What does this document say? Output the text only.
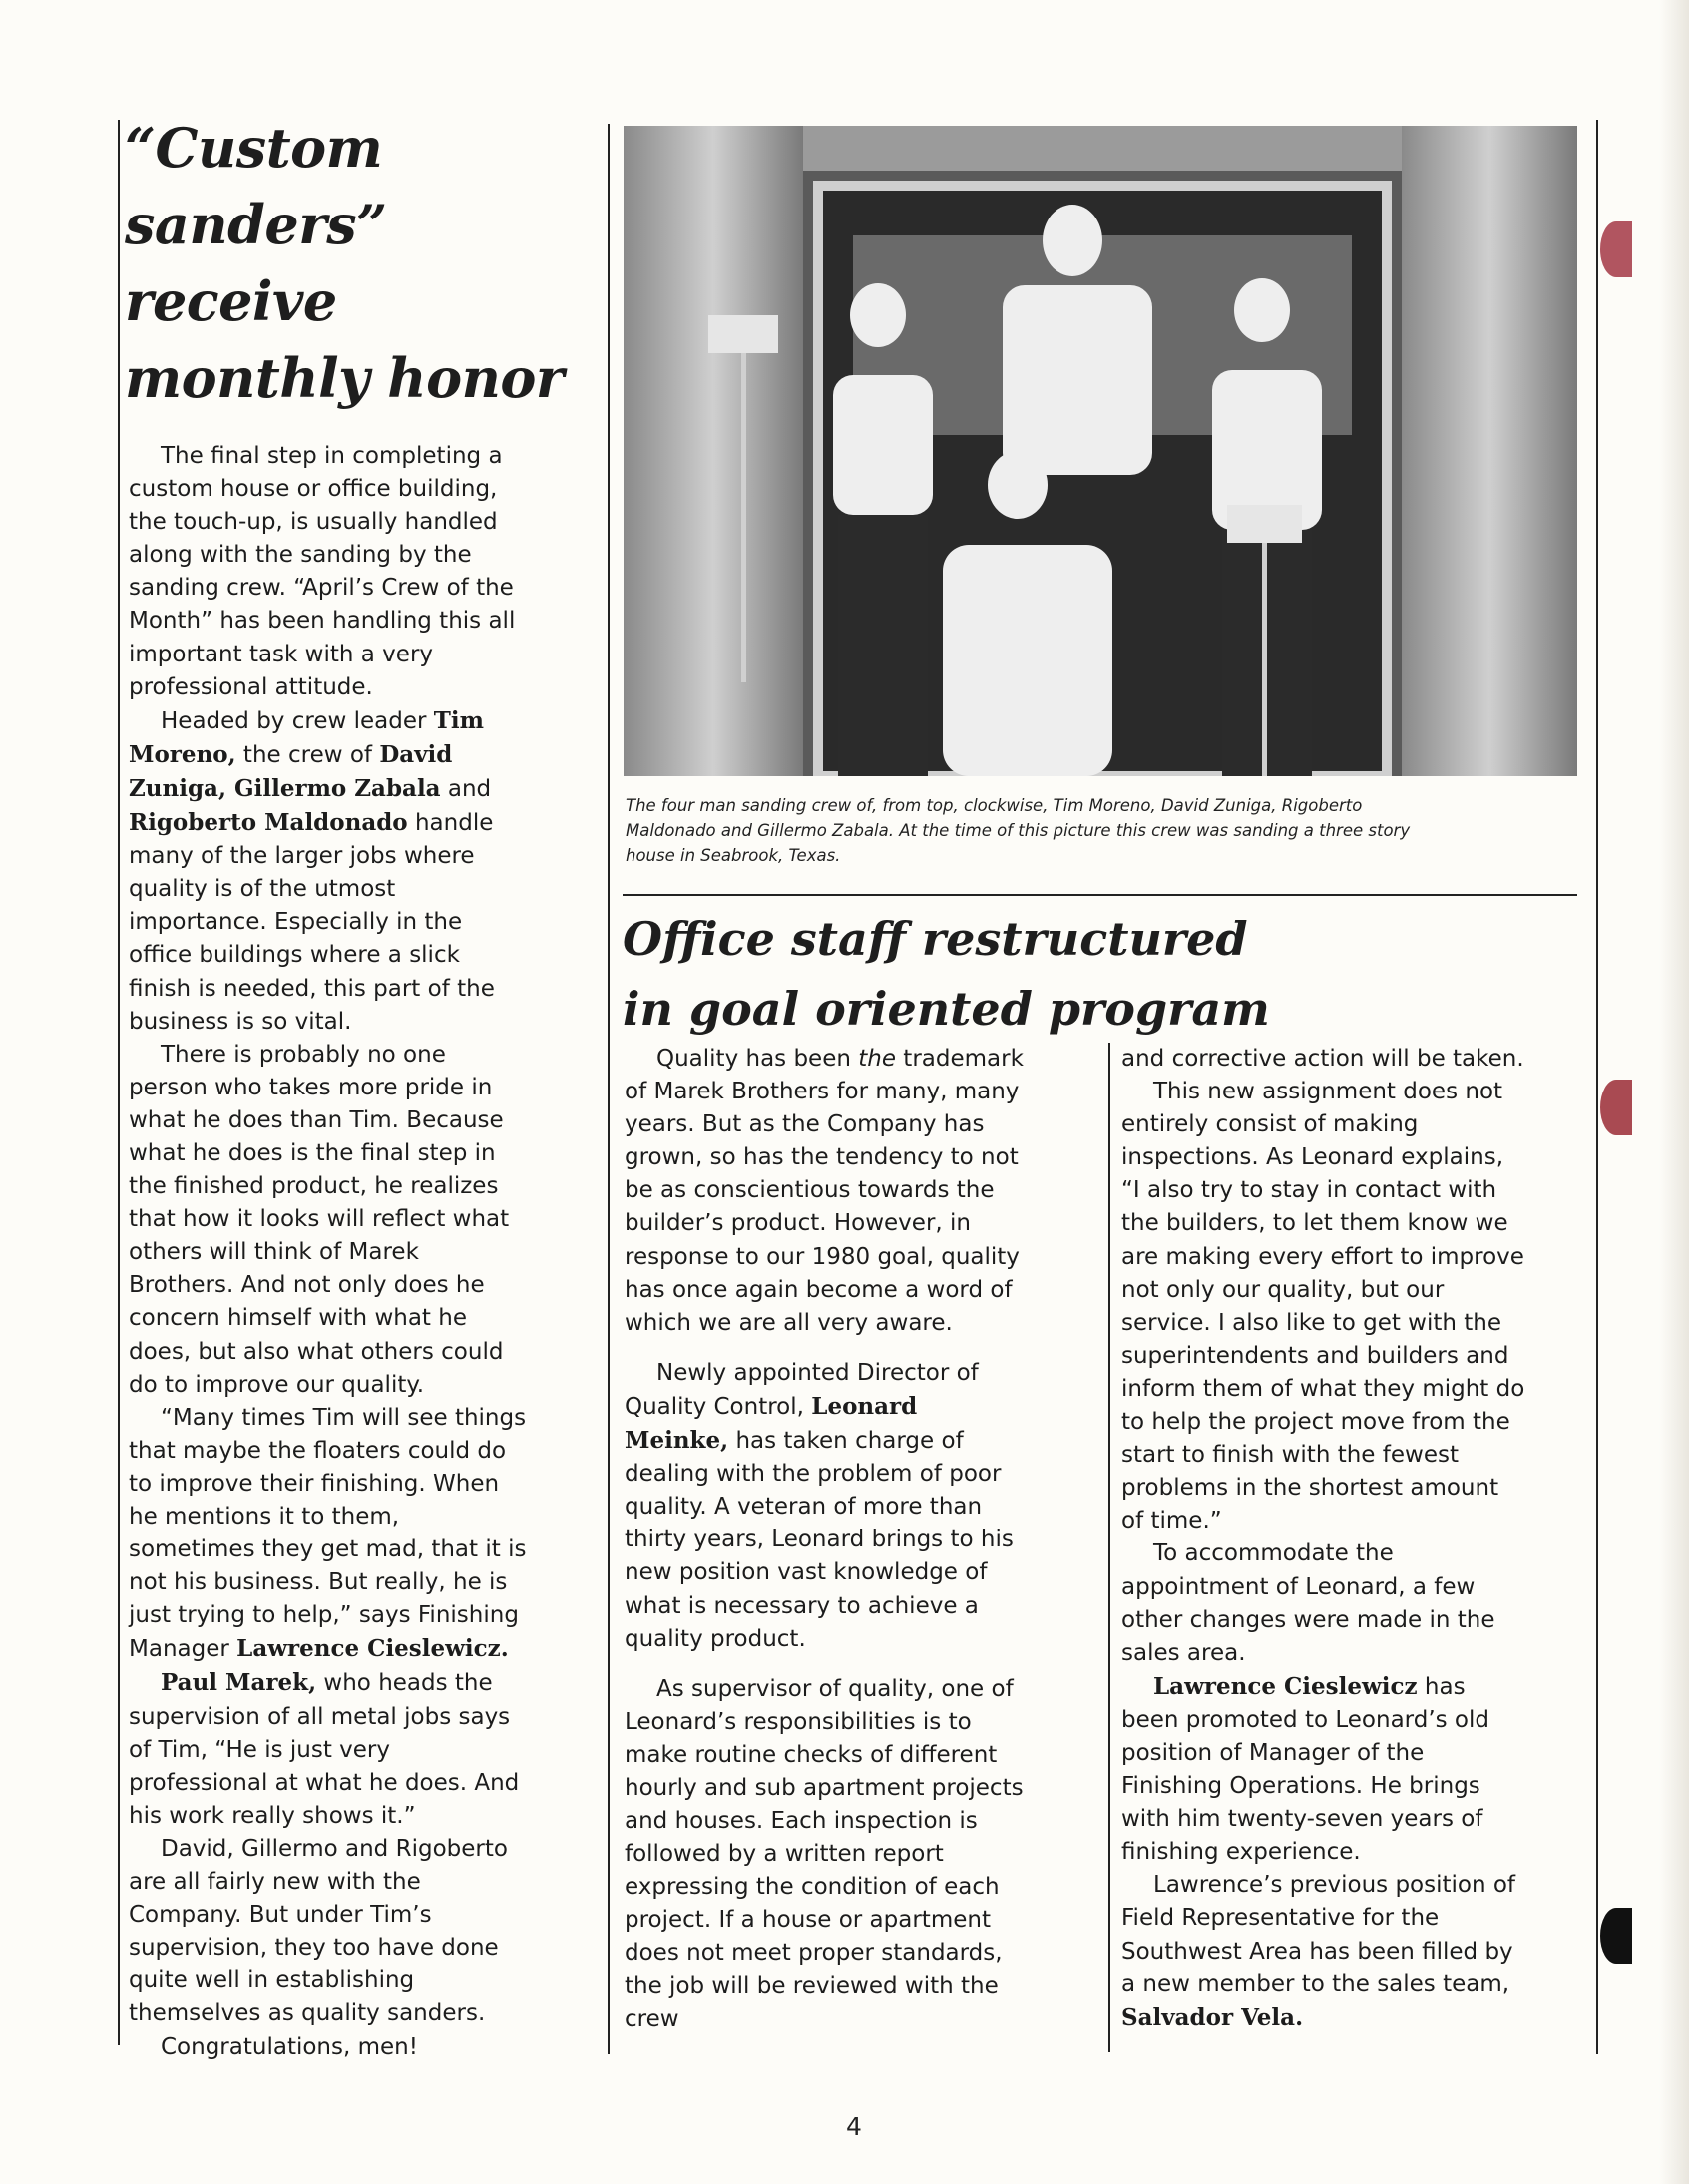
“Custom
sanders”
receive
monthly honor

The final step in completing a custom house or office building, the touch-up, is usually handled along with the sanding by the sanding crew. “April’s Crew of the Month” has been handling this all important task with a very professional attitude.

Headed by crew leader Tim Moreno, the crew of David Zuniga, Gillermo Zabala and Rigoberto Maldonado handle many of the larger jobs where quality is of the utmost importance. Especially in the office buildings where a slick finish is needed, this part of the business is so vital.

There is probably no one person who takes more pride in what he does than Tim. Because what he does is the final step in the finished product, he realizes that how it looks will reflect what others will think of Marek Brothers. And not only does he concern himself with what he does, but also what others could do to improve our quality.

“Many times Tim will see things that maybe the floaters could do to improve their finishing. When he mentions it to them, sometimes they get mad, that it is not his business. But really, he is just trying to help,” says Finishing Manager Lawrence Cieslewicz.

Paul Marek, who heads the supervision of all metal jobs says of Tim, “He is just very professional at what he does. And his work really shows it.”

David, Gillermo and Rigoberto are all fairly new with the Company. But under Tim’s supervision, they too have done quite well in establishing themselves as quality sanders.

Congratulations, men!

The four man sanding crew of, from top, clockwise, Tim Moreno, David Zuniga, Rigoberto Maldonado and Gillermo Zabala. At the time of this picture this crew was sanding a three story house in Seabrook, Texas.

Office staff restructured
in goal oriented program

Quality has been the trademark of Marek Brothers for many, many years. But as the Company has grown, so has the tendency to not be as conscientious towards the builder’s product. However, in response to our 1980 goal, quality has once again become a word of which we are all very aware.

Newly appointed Director of Quality Control, Leonard Meinke, has taken charge of dealing with the problem of poor quality. A veteran of more than thirty years, Leonard brings to his new position vast knowledge of what is necessary to achieve a quality product.

As supervisor of quality, one of Leonard’s responsibilities is to make routine checks of different hourly and sub apartment projects and houses. Each inspection is followed by a written report expressing the condition of each project. If a house or apartment does not meet proper standards, the job will be reviewed with the crew

and corrective action will be taken.

This new assignment does not entirely consist of making inspections. As Leonard explains, “I also try to stay in contact with the builders, to let them know we are making every effort to improve not only our quality, but our service. I also like to get with the superintendents and builders and inform them of what they might do to help the project move from the start to finish with the fewest problems in the shortest amount of time.”

To accommodate the appointment of Leonard, a few other changes were made in the sales area.

Lawrence Cieslewicz has been promoted to Leonard’s old position of Manager of the Finishing Operations. He brings with him twenty-seven years of finishing experience.

Lawrence’s previous position of Field Representative for the Southwest Area has been filled by a new member to the sales team, Salvador Vela.

4
